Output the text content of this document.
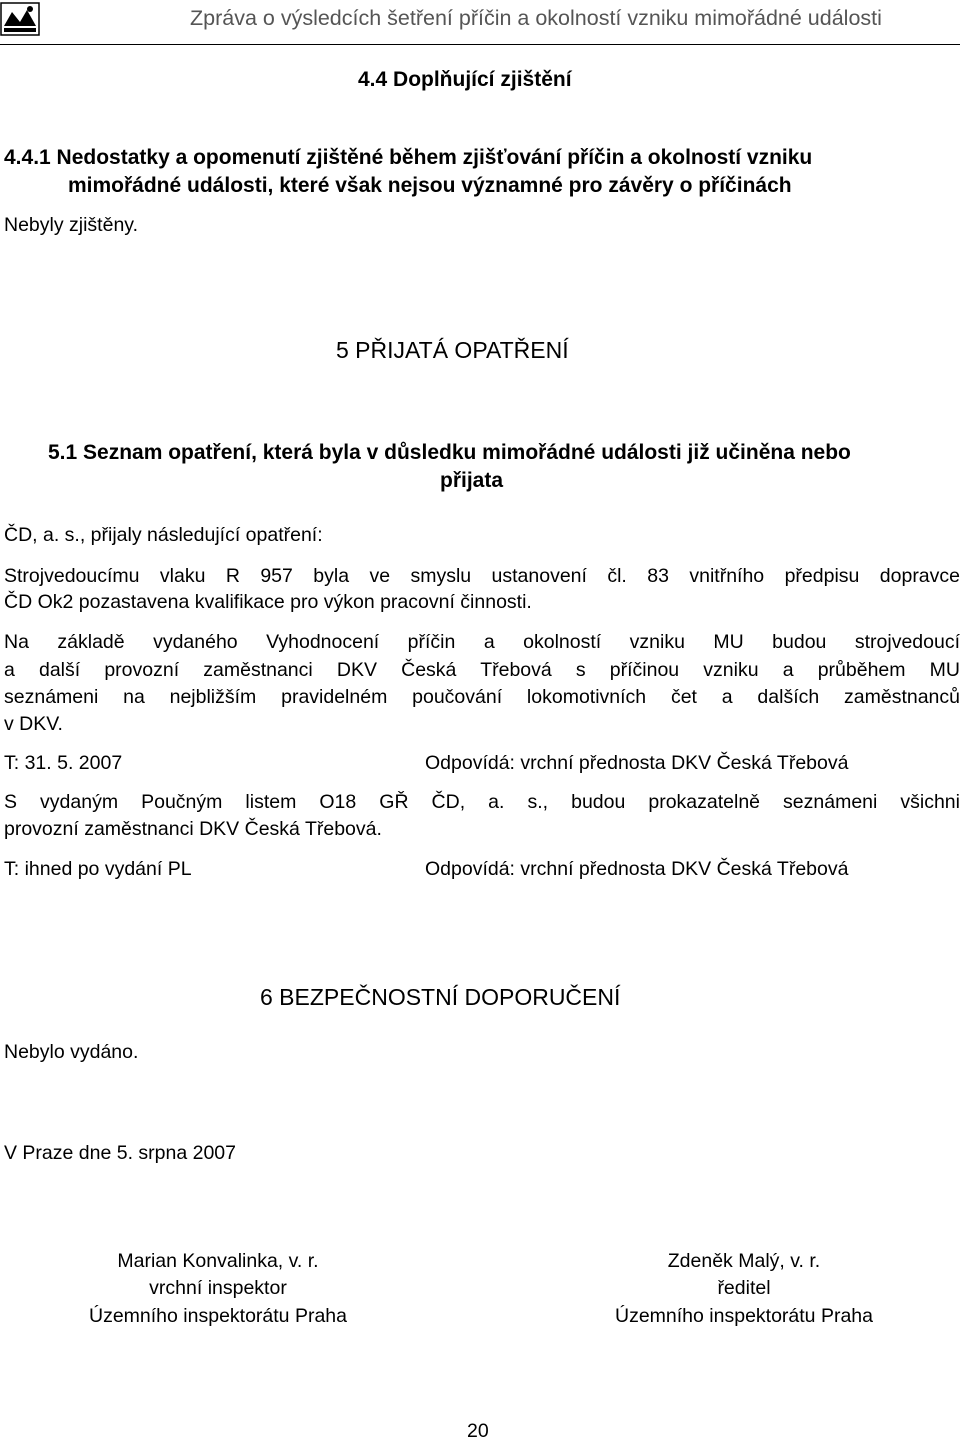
Zpráva o výsledcích šetření příčin a okolností vzniku mimořádné události
4.4 Doplňující zjištění
4.4.1 Nedostatky a opomenutí zjištěné během zjišťování příčin a okolností vzniku
mimořádné události, které však nejsou významné pro závěry o příčinách
Nebyly zjištěny.
5 PŘIJATÁ OPATŘENÍ
5.1 Seznam opatření, která byla v důsledku mimořádné události již učiněna nebo
přijata
ČD, a. s., přijaly následující opatření:
Strojvedoucímu vlaku R 957 byla ve smyslu ustanovení čl. 83 vnitřního předpisu dopravce
ČD Ok2 pozastavena kvalifikace pro výkon pracovní činnosti.
Na základě vydaného Vyhodnocení příčin a okolností vzniku MU budou strojvedoucí
a další provozní zaměstnanci DKV Česká Třebová s příčinou vzniku a průběhem MU
seznámeni na nejbližším pravidelném poučování lokomotivních čet a dalších zaměstnanců
v DKV.
T: 31. 5. 2007	Odpovídá: vrchní přednosta DKV Česká Třebová
S vydaným Poučným listem O18 GŘ ČD, a. s., budou prokazatelně seznámeni všichni
provozní zaměstnanci DKV Česká Třebová.
T: ihned po vydání PL	Odpovídá: vrchní přednosta DKV Česká Třebová
6 BEZPEČNOSTNÍ DOPORUČENÍ
Nebylo vydáno.
V Praze dne 5. srpna 2007
Marian Konvalinka, v. r.
vrchní inspektor
Územního inspektorátu Praha
Zdeněk Malý, v. r.
ředitel
Územního inspektorátu Praha
20
